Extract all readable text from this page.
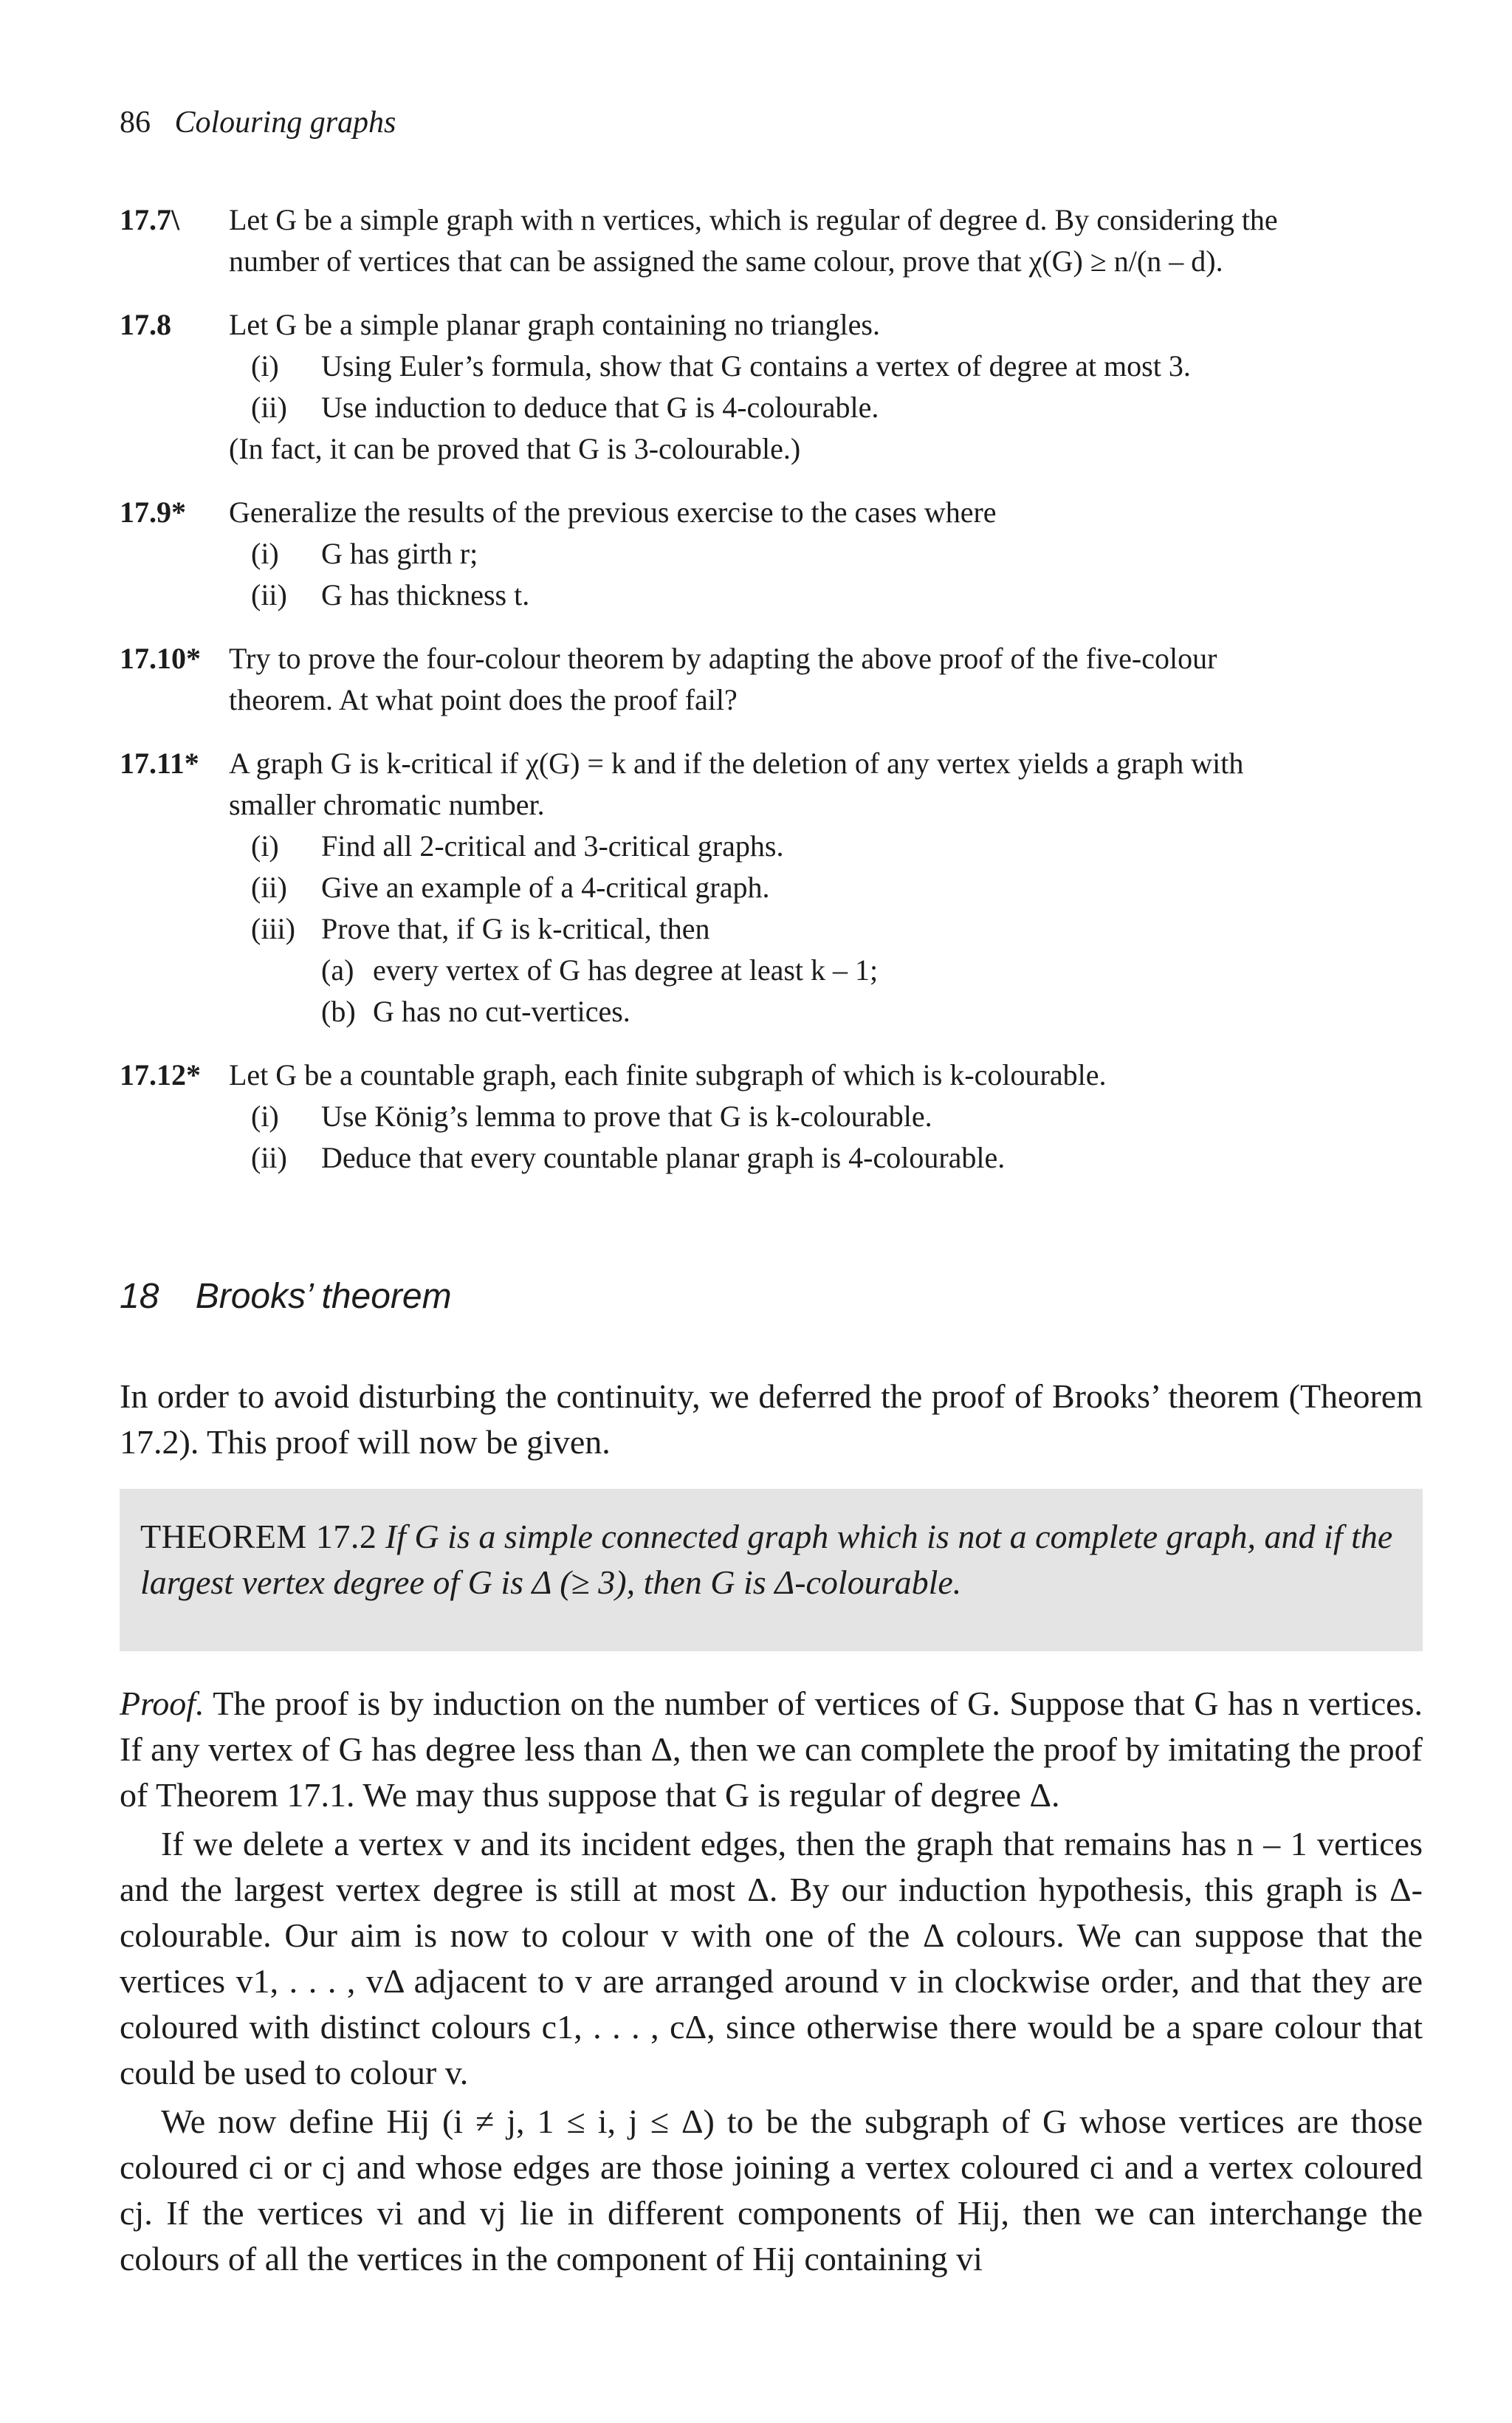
86 Colouring graphs
17.7\	Let G be a simple graph with n vertices, which is regular of degree d. By considering the
number of vertices that can be assigned the same colour, prove that χ(G) ≥ n/(n – d).
17.8	Let G be a simple planar graph containing no triangles.
(i)	Using Euler’s formula, show that G contains a vertex of degree at most 3.
(ii)	Use induction to deduce that G is 4-colourable.
(In fact, it can be proved that G is 3-colourable.)
17.9*	Generalize the results of the previous exercise to the cases where
(i)	G has girth r;
(ii)	G has thickness t.
17.10* Try to prove the four-colour theorem by adapting the above proof of the five-colour
theorem. At what point does the proof fail?
17.11*	A graph G is k-critical if χ(G) = k and if the deletion of any vertex yields a graph with
smaller chromatic number.
(i)	Find all 2-critical and 3-critical graphs.
(ii)	Give an example of a 4-critical graph.
(iii) Prove that, if G is k-critical, then
(a) every vertex of G has degree at least k – 1;
(b) G has no cut-vertices.
17.12* Let G be a countable graph, each finite subgraph of which is k-colourable.
(i)	Use König’s lemma to prove that G is k-colourable.
(ii)	Deduce that every countable planar graph is 4-colourable.
18 Brooks’ theorem
In order to avoid disturbing the continuity, we deferred the proof of Brooks’ theorem (Theorem 17.2). This proof will now be given.
THEOREM 17.2 If G is a simple connected graph which is not a complete graph, and if the largest vertex degree of G is Δ (≥ 3), then G is Δ-colourable.

Proof. The proof is by induction on the number of vertices of G. Suppose that G has n vertices. If any vertex of G has degree less than Δ, then we can complete the proof by imitating the proof of Theorem 17.1. We may thus suppose that G is regular of degree Δ.

If we delete a vertex v and its incident edges, then the graph that remains has n – 1 vertices and the largest vertex degree is still at most Δ. By our induction hypothesis, this graph is Δ-colourable. Our aim is now to colour v with one of the Δ colours. We can suppose that the vertices v1, . . . , vΔ adjacent to v are arranged around v in clockwise order, and that they are coloured with distinct colours c1, . . . , cΔ, since otherwise there would be a spare colour that could be used to colour v.

We now define Hij (i ≠ j, 1 ≤ i, j ≤ Δ) to be the subgraph of G whose vertices are those coloured ci or cj and whose edges are those joining a vertex coloured ci and a vertex coloured cj. If the vertices vi and vj lie in different components of Hij, then we can interchange the colours of all the vertices in the component of Hij containing vi
